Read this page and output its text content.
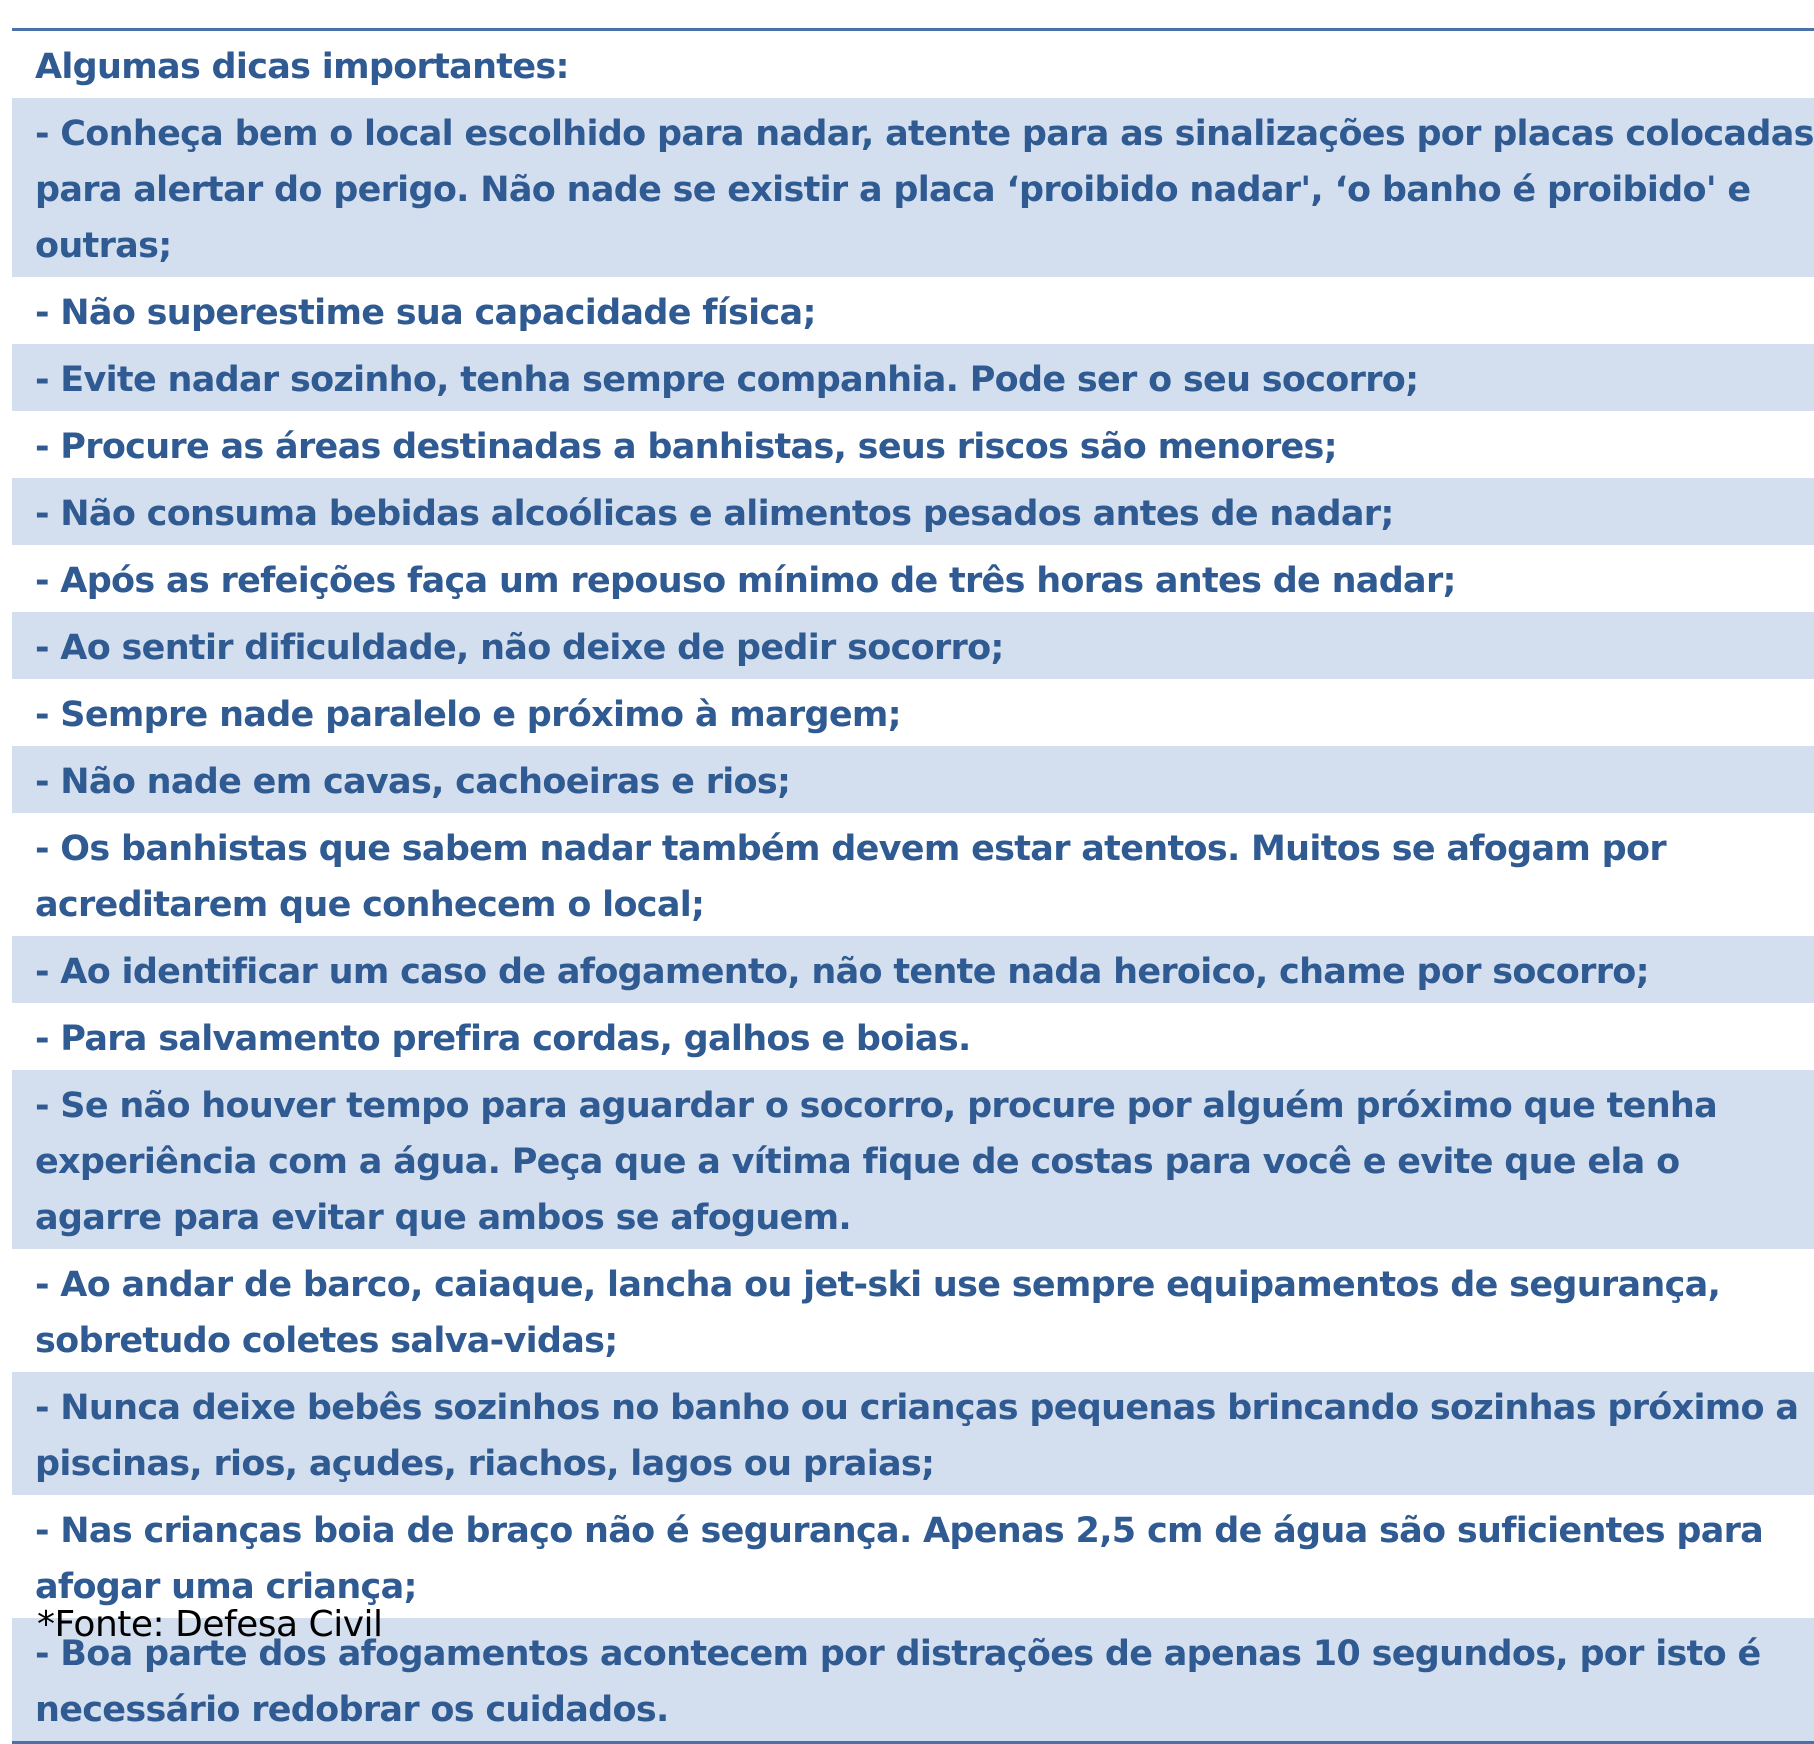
Algumas dicas importantes:
- Conheça bem o local escolhido para nadar, atente para as sinalizações por placas colocadas para alertar do perigo. Não nade se existir a placa ‘proibido nadar', ‘o banho é proibido' e outras;
- Não superestime sua capacidade física;
- Evite nadar sozinho, tenha sempre companhia. Pode ser o seu socorro;
- Procure as áreas destinadas a banhistas, seus riscos são menores;
- Não consuma bebidas alcoólicas e alimentos pesados antes de nadar;
- Após as refeições faça um repouso mínimo de três horas antes de nadar;
- Ao sentir dificuldade, não deixe de pedir socorro;
- Sempre nade paralelo e próximo à margem;
- Não nade em cavas, cachoeiras e rios;
- Os banhistas que sabem nadar também devem estar atentos. Muitos se afogam por acreditarem que conhecem o local;
- Ao identificar um caso de afogamento, não tente nada heroico, chame por socorro;
- Para salvamento prefira cordas, galhos e boias.
- Se não houver tempo para aguardar o socorro, procure por alguém próximo que tenha experiência com a água. Peça que a vítima fique de costas para você e evite que ela o agarre para evitar que ambos se afoguem.
- Ao andar de barco, caiaque, lancha ou jet-ski use sempre equipamentos de segurança, sobretudo coletes salva-vidas;
- Nunca deixe bebês sozinhos no banho ou crianças pequenas brincando sozinhas próximo a piscinas, rios, açudes, riachos, lagos ou praias;
- Nas crianças boia de braço não é segurança. Apenas 2,5 cm de água são suficientes para afogar uma criança;
- Boa parte dos afogamentos acontecem por distrações de apenas 10 segundos, por isto é necessário redobrar os cuidados.
*Fonte: Defesa Civil
